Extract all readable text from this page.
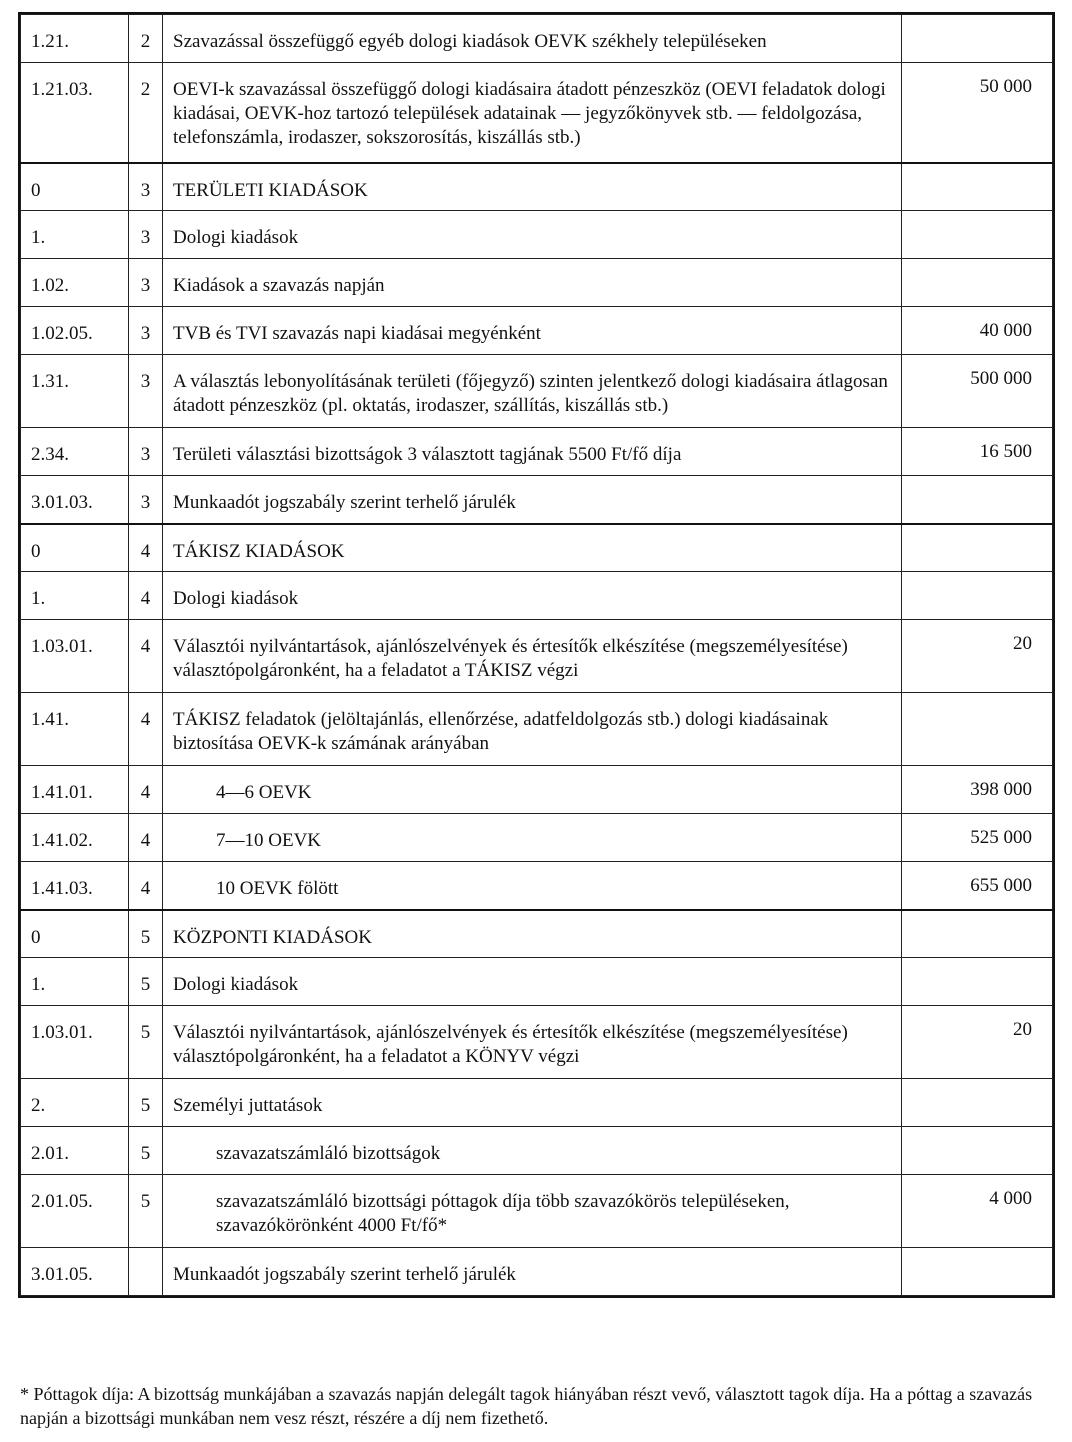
1.21.	2	Szavazással összefüggő egyéb dologi kiadások OEVK székhely településeken	
1.21.03.	2	OEVI-k szavazással összefüggő dologi kiadásaira átadott pénzeszköz (OEVI feladatok dologi kiadásai, OEVK-hoz tartozó települések adatainak — jegyzőkönyvek stb. — feldolgozása, telefonszámla, irodaszer, sokszorosítás, kiszállás stb.)	50 000
0	3	TERÜLETI KIADÁSOK	
1.	3	Dologi kiadások	
1.02.	3	Kiadások a szavazás napján	
1.02.05.	3	TVB és TVI szavazás napi kiadásai megyénként	40 000
1.31.	3	A választás lebonyolításának területi (főjegyző) szinten jelentkező dologi kiadásaira átlagosan átadott pénzeszköz (pl. oktatás, irodaszer, szállítás, kiszállás stb.)	500 000
2.34.	3	Területi választási bizottságok 3 választott tagjának 5500 Ft/fő díja	16 500
3.01.03.	3	Munkaadót jogszabály szerint terhelő járulék	
0	4	TÁKISZ KIADÁSOK	
1.	4	Dologi kiadások	
1.03.01.	4	Választói nyilvántartások, ajánlószelvények és értesítők elkészítése (megszemélyesítése) választópolgáronként, ha a feladatot a TÁKISZ végzi	20
1.41.	4	TÁKISZ feladatok (jelöltajánlás, ellenőrzése, adatfeldolgozás stb.) dologi kiadásainak biztosítása OEVK-k számának arányában	
1.41.01.	4	4—6 OEVK	398 000
1.41.02.	4	7—10 OEVK	525 000
1.41.03.	4	10 OEVK fölött	655 000
0	5	KÖZPONTI KIADÁSOK	
1.	5	Dologi kiadások	
1.03.01.	5	Választói nyilvántartások, ajánlószelvények és értesítők elkészítése (megszemélyesítése) választópolgáronként, ha a feladatot a KÖNYV végzi	20
2.	5	Személyi juttatások	
2.01.	5	szavazatszámláló bizottságok	
2.01.05.	5	szavazatszámláló bizottsági póttagok díja több szavazókörös településeken, szavazókörönként 4000 Ft/fő*	4 000
3.01.05.		Munkaadót jogszabály szerint terhelő járulék	
* Póttagok díja: A bizottság munkájában a szavazás napján delegált tagok hiányában részt vevő, választott tagok díja. Ha a póttag a szavazás napján a bizottsági munkában nem vesz részt, részére a díj nem fizethető.
